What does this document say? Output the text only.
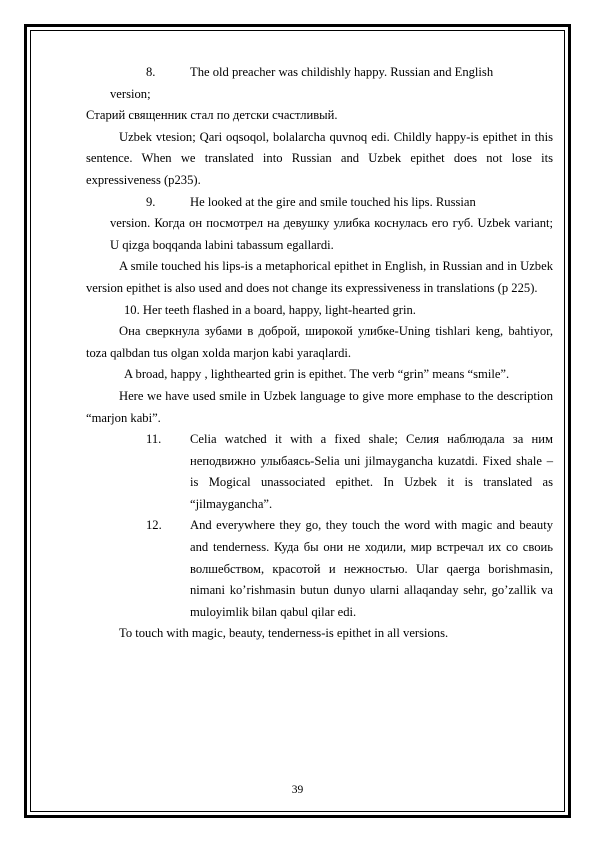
8.	The old preacher was childishly happy. Russian and English

version;

Старий священник стал по детски счастливый.

Uzbek vtesion; Qari oqsoqol, bolalarcha quvnoq edi. Childly happy-is epithet in this sentence. When we translated into Russian and Uzbek epithet does not lose its expressiveness (p235).

9.	He looked at the gire and smile touched his lips. Russian

version. Когда он посмотрел на девушку улибка коснулась его губ. Uzbek variant; U qizga boqqanda labini tabassum egallardi.

A smile touched his lips-is a metaphorical epithet in English, in Russian and in Uzbek version epithet is also used and does not change its expressiveness in translations (p 225).

10. Her teeth flashed in a board, happy, light-hearted grin.

Она сверкнула зубами в доброй, широкой улибке-Uning tishlari keng, bahtiyor, toza qalbdan tus olgan xolda marjon kabi yaraqlardi.

A broad, happy , lighthearted grin is epithet. The verb “grin” means “smile”.

Here we have used smile in Uzbek language to give more emphase to the description “marjon kabi”.

11.	Celia watched it with a fixed shale; Селия наблюдала за ним неподвижно улыбаясь-Selia uni jilmaygancha kuzatdi. Fixed shale – is Mogical unassociated epithet. In Uzbek it is translated as “jilmaygancha”.
12.	And everywhere they go, they touch the word with magic and beauty and tenderness. Куда бы они не ходили, мир встречал их со своиь волшебством, красотой и нежностью. Ular qaerga borishmasin, nimani ko’rishmasin butun dunyo ularni allaqanday sehr, go’zallik va muloyimlik bilan qabul qilar edi.

To touch with magic, beauty, tenderness-is epithet in all versions.

39
